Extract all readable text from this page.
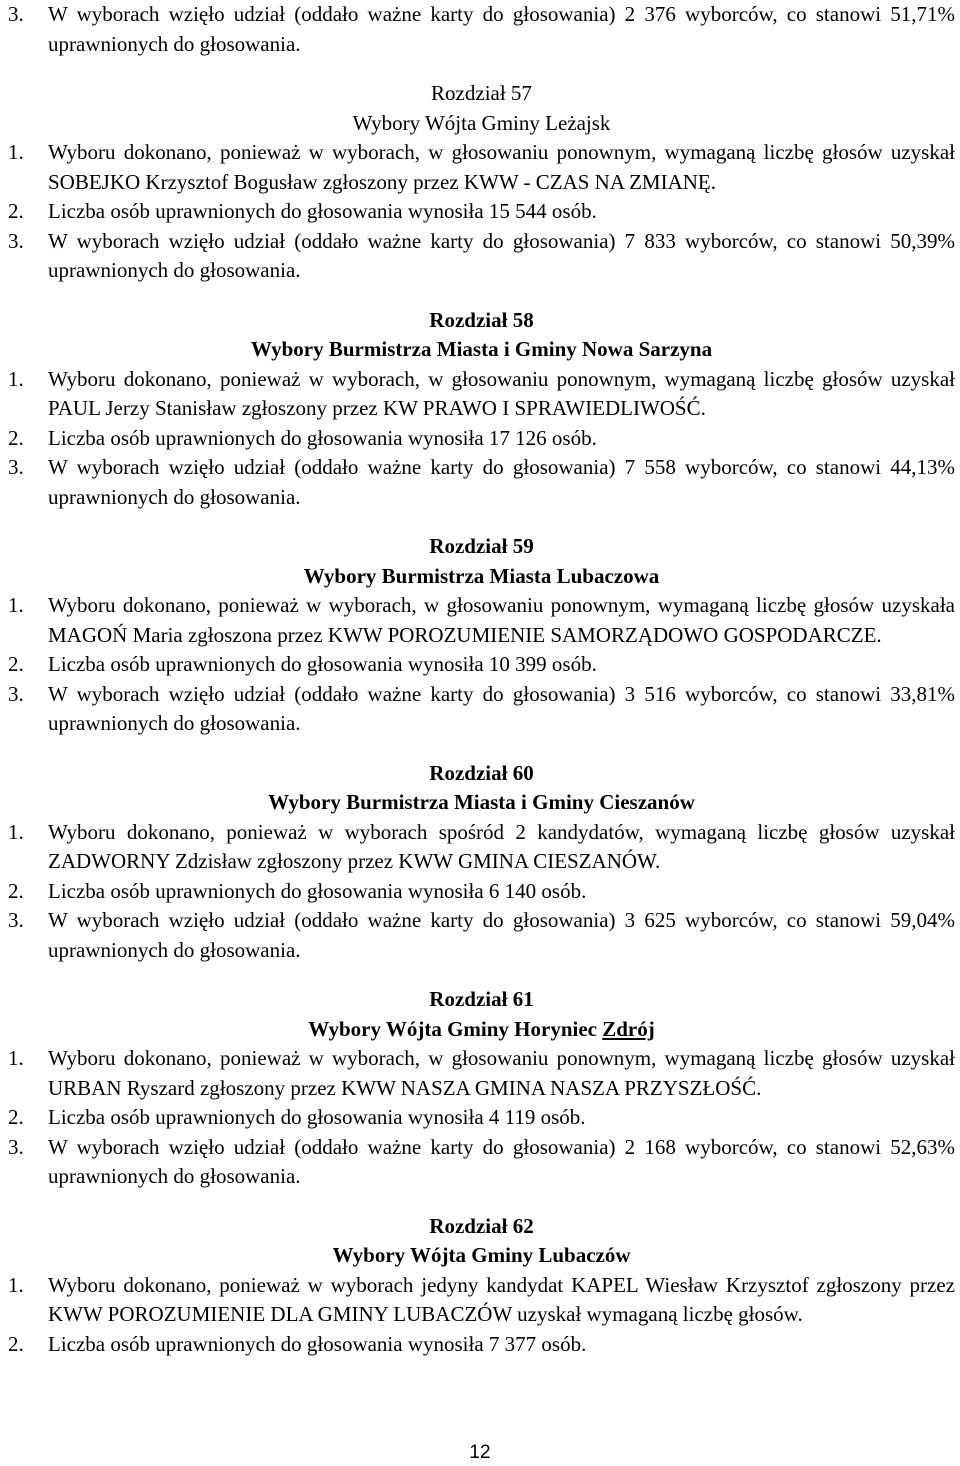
3.	W wyborach wzięło udział (oddało ważne karty do głosowania) 2 376 wyborców, co stanowi 51,71% uprawnionych do głosowania.
Rozdział 57
Wybory Wójta Gminy Leżajsk
1.	Wyboru dokonano, ponieważ w wyborach, w głosowaniu ponownym, wymaganą liczbę głosów uzyskał SOBEJKO Krzysztof Bogusław zgłoszony przez KWW - CZAS NA ZMIANĘ.
2.	Liczba osób uprawnionych do głosowania wynosiła 15 544 osób.
3.	W wyborach wzięło udział (oddało ważne karty do głosowania) 7 833 wyborców, co stanowi 50,39% uprawnionych do głosowania.
Rozdział 58
Wybory Burmistrza Miasta i Gminy Nowa Sarzyna
1.	Wyboru dokonano, ponieważ w wyborach, w głosowaniu ponownym, wymaganą liczbę głosów uzyskał PAUL Jerzy Stanisław zgłoszony przez KW PRAWO I SPRAWIEDLIWOŚĆ.
2.	Liczba osób uprawnionych do głosowania wynosiła 17 126 osób.
3.	W wyborach wzięło udział (oddało ważne karty do głosowania) 7 558 wyborców, co stanowi 44,13% uprawnionych do głosowania.
Rozdział 59
Wybory Burmistrza Miasta Lubaczowa
1.	Wyboru dokonano, ponieważ w wyborach, w głosowaniu ponownym, wymaganą liczbę głosów uzyskała MAGOŃ Maria zgłoszona przez KWW POROZUMIENIE SAMORZĄDOWO GOSPODARCZE.
2.	Liczba osób uprawnionych do głosowania wynosiła 10 399 osób.
3.	W wyborach wzięło udział (oddało ważne karty do głosowania) 3 516 wyborców, co stanowi 33,81% uprawnionych do głosowania.
Rozdział 60
Wybory Burmistrza Miasta i Gminy Cieszanów
1.	Wyboru dokonano, ponieważ w wyborach spośród 2 kandydatów, wymaganą liczbę głosów uzyskał ZADWORNY Zdzisław zgłoszony przez KWW GMINA CIESZANÓW.
2.	Liczba osób uprawnionych do głosowania wynosiła 6 140 osób.
3.	W wyborach wzięło udział (oddało ważne karty do głosowania) 3 625 wyborców, co stanowi 59,04% uprawnionych do głosowania.
Rozdział 61
Wybory Wójta Gminy Horyniec Zdrój
1.	Wyboru dokonano, ponieważ w wyborach, w głosowaniu ponownym, wymaganą liczbę głosów uzyskał URBAN Ryszard zgłoszony przez KWW NASZA GMINA NASZA PRZYSZŁOŚĆ.
2.	Liczba osób uprawnionych do głosowania wynosiła 4 119 osób.
3.	W wyborach wzięło udział (oddało ważne karty do głosowania) 2 168 wyborców, co stanowi 52,63% uprawnionych do głosowania.
Rozdział 62
Wybory Wójta Gminy Lubaczów
1.	Wyboru dokonano, ponieważ w wyborach jedyny kandydat KAPEL Wiesław Krzysztof zgłoszony przez KWW POROZUMIENIE DLA GMINY LUBACZÓW uzyskał wymaganą liczbę głosów.
2.	Liczba osób uprawnionych do głosowania wynosiła 7 377 osób.
12
